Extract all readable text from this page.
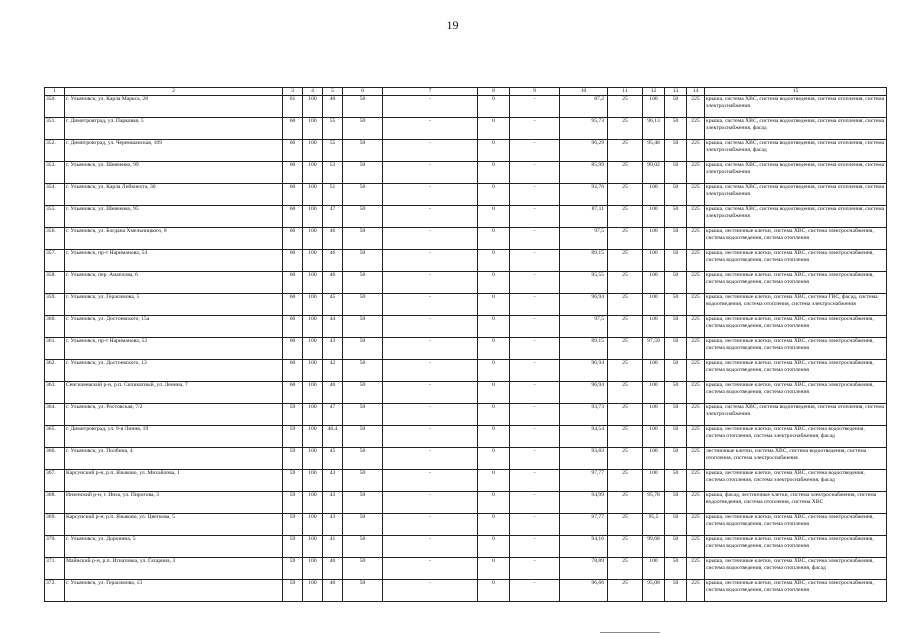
19
1	2	3	4	5	6	7	8	9	10	11	12	13	14	15
350.	г. Ульяновск, ул. Карла Маркса, 28	61	100	40	50	-	0	-	87,2	25	100	50	225	крыша, система ХВС, система водоотведения, система отопления, система электроснабжения
351.	г. Димитровград, ул. Парковая, 5	60	100	55	50	-	0	-	95,73	25	96,13	50	225	крыша, система ХВС, система водоотведения, система отопления, система электроснабжения, фасад
352.	г. Димитровград, ул. Черемшанская, 109	60	100	55	50	-	0	-	96,29	25	95,48	50	225	крыша, система ХВС, система водоотведения, система отопления, система электроснабжения, фасад
353.	г. Ульяновск, ул. Шевченко, 99	60	100	53	50	-	0	-	85,99	25	99,02	50	225	крыша, система ХВС, система водоотведения, система отопления, система электроснабжения
354.	г. Ульяновск, ул. Карла Либкнехта, 30	60	100	51	50	-	0	-	92,76	25	100	50	225	крыша, система ХВС, система водоотведения, система отопления, система электроснабжения
355.	г. Ульяновск, ул. Шевченко, 95	60	100	47	50	-	0	-	87,11	25	100	50	225	крыша, система ХВС, система водоотведения, система отопления, система электроснабжения
356.	г. Ульяновск, ул. Богдана Хмельницкого, 8	60	100	46	50	-	0	-	97,5	25	100	50	225	крыша, лестничные клетки, система ХВС, система электроснабжения, система водоотведения, система отопления
357.	г. Ульяновск, пр-т Нариманова, 54	60	100	46	50	-	0	-	89,15	25	100	50	225	крыша, лестничные клетки, система ХВС, система электроснабжения, система водоотведения, система отопления
358.	г. Ульяновск, пер. Анаплова, 6	60	100	46	50	-	0	-	95,55	25	100	50	225	крыша, лестничные клетки, система ХВС, система электроснабжения, система водоотведения, система отопления
359.	г. Ульяновск, ул. Герасимова, 5	60	100	45	50	-	0	-	96,94	25	100	50	225	крыша, лестничные клетки, система ХВС, система ГВС, фасад, система водоотведения, система отопления, система электроснабжения
360.	г. Ульяновск, ул. Достоевского, 15а	60	100	44	50	-	0	-	97,5	25	100	50	225	крыша, лестничные клетки, система ХВС, система электроснабжения, система водоотведения, система отопления
361.	г. Ульяновск, пр-т Нариманова, 52	60	100	43	50	-	0	-	89,15	25	97,59	50	225	крыша, лестничные клетки, система ХВС, система электроснабжения, система водоотведения, система отопления
362.	г. Ульяновск, ул. Достоевского, 13	60	100	42	50	-	0	-	96,94	25	100	50	225	крыша, лестничные клетки, система ХВС, система электроснабжения, система водоотведения, система отопления
363.	Сенгилеевский р-н, р.п. Силикатный, ул. Ленина, 7	60	100	40	50	-	0	-	96,94	25	100	50	225	крыша, лестничные клетки, система ХВС, система электроснабжения, система водоотведения, система отопления
364.	г. Ульяновск, ул. Ростовская, 7/2	59	100	47	50	-	0	-	93,73	25	100	50	225	крыша, система ХВС, система водоотведения, система отопления, система электроснабжения
365.	г. Димитровград, ул. 9-я Линия, 19	59	100	46,4	50	-	0	-	94,54	25	100	50	225	крыша, лестничные клетки, система ХВС, система водоотведения, система отопления, система электроснабжения, фасад
366.	г. Ульяновск, ул. Полбина, 4	59	100	45	50	-	0	-	93,83	25	100	50	225	лестничные клетки, система ХВС, система водоотведения, система отопления, система электроснабжения
367.	Карсунский р-н, р.п. Языково, ул. Михайлова, 1	59	100	43	50	-	0	-	97,77	25	100	50	225	крыша, лестничные клетки, система ХВС, система водоотведения, система отопления, система электроснабжения, фасад
368.	Инзенский р-н, г. Инза, ул. Пирогова, 3	59	100	43	50	-	0	-	94,99	25	95,78	50	225	крыша, фасад, лестничные клетки, система электроснабжения, система водоотведения, система отопления, система ХВС
369.	Карсунский р-н, р.п. Языково, ул. Цветкова, 5	59	100	43	50	-	0	-	97,77	25	95,5	50	225	крыша, лестничные клетки, система ХВС, система электроснабжения, система водоотведения, система отопления
370.	г. Ульяновск, ул. Доронина, 5	59	100	41	50	-	0	-	94,16	25	99,68	50	225	крыша, лестничные клетки, система ХВС, система электроснабжения, система водоотведения, система отопления
371.	Майнский р-н, р.п. Игнатовка, ул. Гагарина, 3	59	100	40	50	-	0	-	78,89	25	100	50	225	крыша, лестничные клетки, система ХВС, система электроснабжения, система водоотведения, система отопления, фасад
372.	г. Ульяновск, ул. Герасимова, 13	59	100	40	50	-	0	-	96,66	25	95,08	50	225	крыша, лестничные клетки, система ХВС, система электроснабжения, система водоотведения, система отопления
